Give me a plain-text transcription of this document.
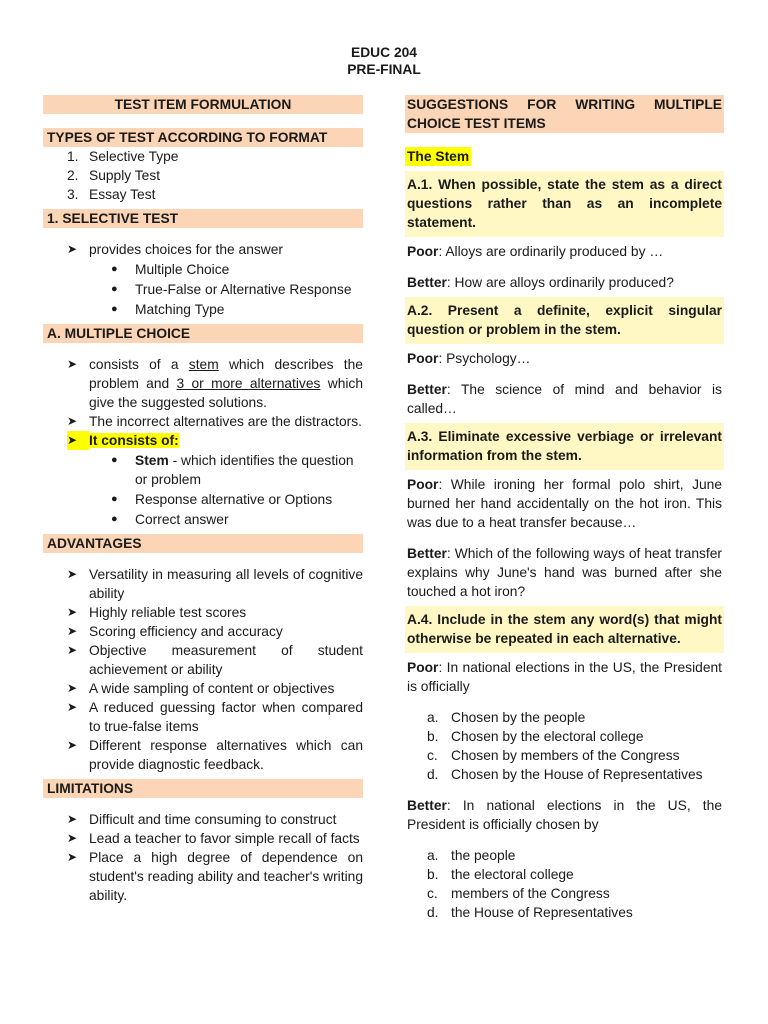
EDUC 204
PRE-FINAL
TEST ITEM FORMULATION
TYPES OF TEST ACCORDING TO FORMAT
1. Selective Type
2. Supply Test
3. Essay Test
1. SELECTIVE TEST
➤ provides choices for the answer
●	Multiple Choice
●	True-False or Alternative Response
●	Matching Type
A. MULTIPLE CHOICE
➤ consists of a stem which describes the problem and 3 or more alternatives which give the suggested solutions.
➤ The incorrect alternatives are the distractors.
➤ It consists of:
●	Stem - which identifies the question or problem
●	Response alternative or Options
●	Correct answer
ADVANTAGES
➤ Versatility in measuring all levels of cognitive ability
➤ Highly reliable test scores
➤ Scoring efficiency and accuracy
➤ Objective measurement of student achievement or ability
➤ A wide sampling of content or objectives
➤ A reduced guessing factor when compared to true-false items
➤ Different response alternatives which can provide diagnostic feedback.
LIMITATIONS
➤ Difficult and time consuming to construct
➤ Lead a teacher to favor simple recall of facts
➤ Place a high degree of dependence on student's reading ability and teacher's writing ability.
SUGGESTIONS FOR WRITING MULTIPLE CHOICE TEST ITEMS
The Stem
A.1. When possible, state the stem as a direct questions rather than as an incomplete statement.
Poor: Alloys are ordinarily produced by …
Better: How are alloys ordinarily produced?
A.2. Present a definite, explicit singular question or problem in the stem.
Poor: Psychology…
Better: The science of mind and behavior is called…
A.3. Eliminate excessive verbiage or irrelevant information from the stem.
Poor: While ironing her formal polo shirt, June burned her hand accidentally on the hot iron. This was due to a heat transfer because…
Better: Which of the following ways of heat transfer explains why June's hand was burned after she touched a hot iron?
A.4. Include in the stem any word(s) that might otherwise be repeated in each alternative.
Poor: In national elections in the US, the President is officially
a. Chosen by the people
b. Chosen by the electoral college
c. Chosen by members of the Congress
d. Chosen by the House of Representatives
Better: In national elections in the US, the President is officially chosen by
a. the people
b. the electoral college
c. members of the Congress
d. the House of Representatives
